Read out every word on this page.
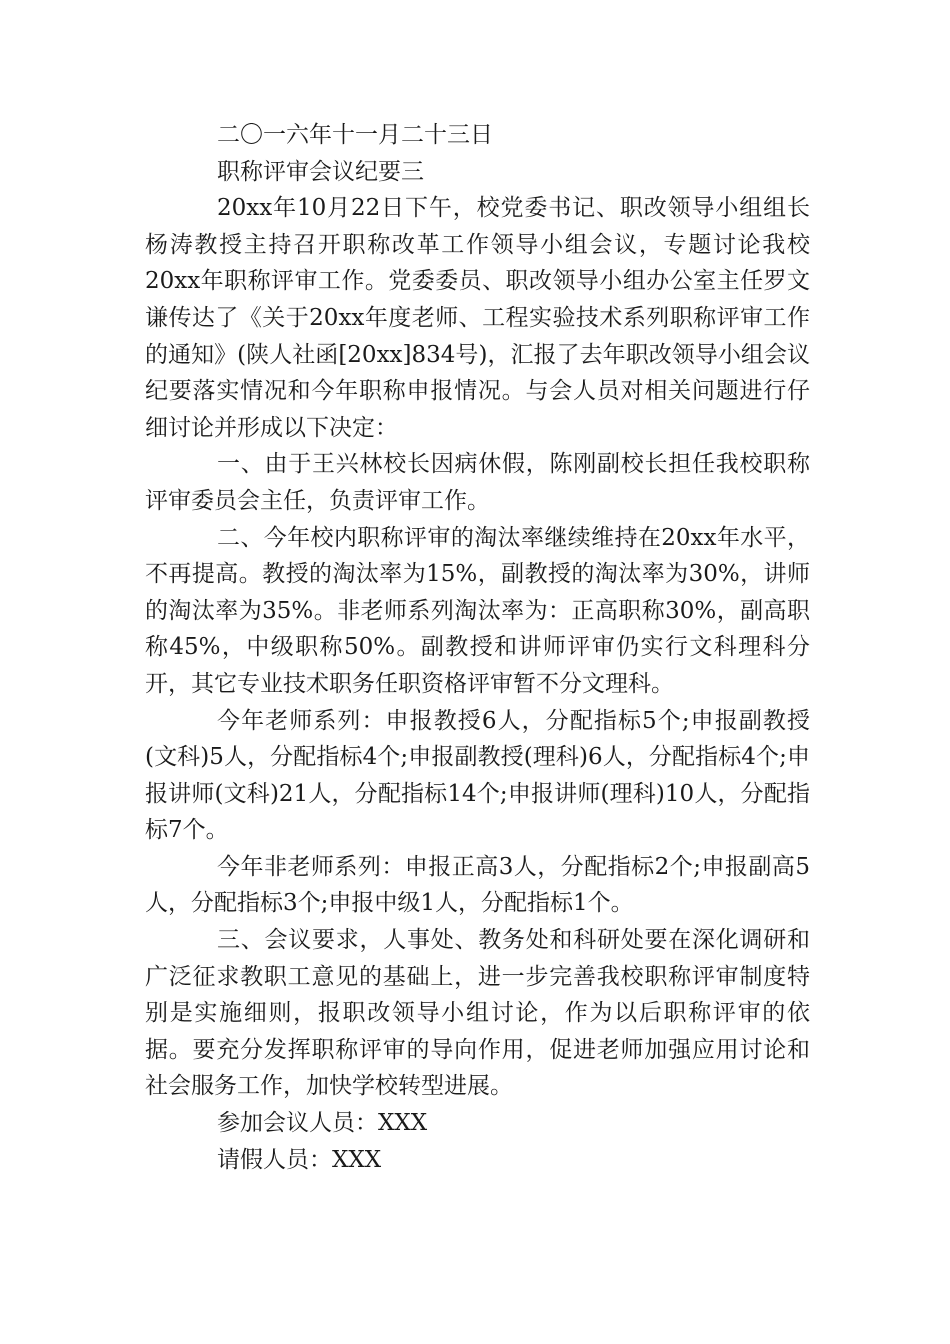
二〇一六年十一月二十三日

职称评审会议纪要三

20xx年10月22日下午，校党委书记、职改领导小组组长杨涛教授主持召开职称改革工作领导小组会议，专题讨论我校20xx年职称评审工作。党委委员、职改领导小组办公室主任罗文谦传达了《关于20xx年度老师、工程实验技术系列职称评审工作的通知》(陕人社函[20xx]834号)，汇报了去年职改领导小组会议纪要落实情况和今年职称申报情况。与会人员对相关问题进行仔细讨论并形成以下决定：

一、由于王兴林校长因病休假，陈刚副校长担任我校职称评审委员会主任，负责评审工作。

二、今年校内职称评审的淘汰率继续维持在20xx年水平，不再提高。教授的淘汰率为15%，副教授的淘汰率为30%，讲师的淘汰率为35%。非老师系列淘汰率为：正高职称30%，副高职称45%，中级职称50%。副教授和讲师评审仍实行文科理科分开，其它专业技术职务任职资格评审暂不分文理科。

今年老师系列：申报教授6人，分配指标5个;申报副教授(文科)5人，分配指标4个;申报副教授(理科)6人，分配指标4个;申报讲师(文科)21人，分配指标14个;申报讲师(理科)10人，分配指标7个。

今年非老师系列：申报正高3人，分配指标2个;申报副高5人，分配指标3个;申报中级1人，分配指标1个。

三、会议要求，人事处、教务处和科研处要在深化调研和广泛征求教职工意见的基础上，进一步完善我校职称评审制度特别是实施细则，报职改领导小组讨论，作为以后职称评审的依据。要充分发挥职称评审的导向作用，促进老师加强应用讨论和社会服务工作，加快学校转型进展。

参加会议人员：XXX

请假人员：XXX
